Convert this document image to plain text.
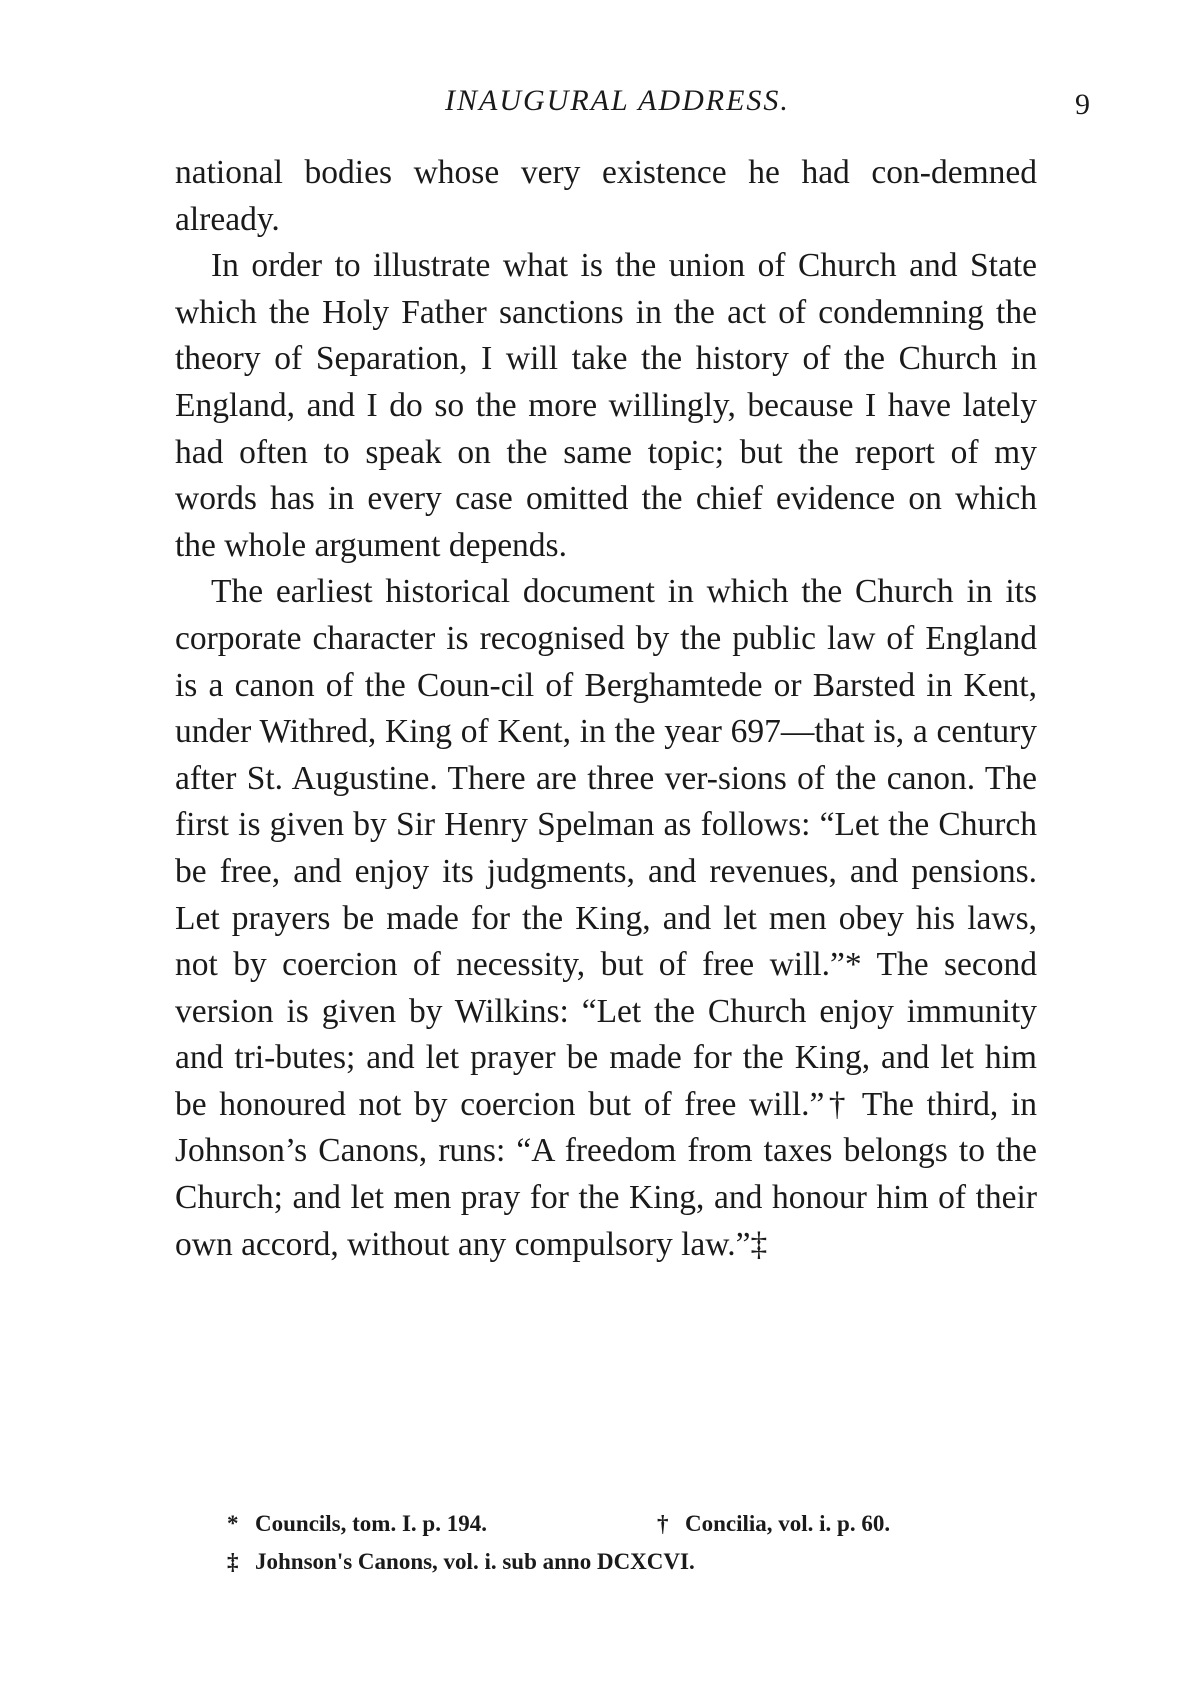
INAUGURAL ADDRESS.	9

national bodies whose very existence he had con-demned already.

In order to illustrate what is the union of Church and State which the Holy Father sanctions in the act of condemning the theory of Separation, I will take the history of the Church in England, and I do so the more willingly, because I have lately had often to speak on the same topic; but the report of my words has in every case omitted the chief evidence on which the whole argument depends.

The earliest historical document in which the Church in its corporate character is recognised by the public law of England is a canon of the Coun-cil of Berghamtede or Barsted in Kent, under Withred, King of Kent, in the year 697—that is, a century after St. Augustine. There are three ver-sions of the canon. The first is given by Sir Henry Spelman as follows: “Let the Church be free, and enjoy its judgments, and revenues, and pensions. Let prayers be made for the King, and let men obey his laws, not by coercion of necessity, but of free will.”* The second version is given by Wilkins: “Let the Church enjoy immunity and tri-butes; and let prayer be made for the King, and let him be honoured not by coercion but of free will.”† The third, in Johnson’s Canons, runs: “A freedom from taxes belongs to the Church; and let men pray for the King, and honour him of their own accord, without any compulsory law.”‡

* Councils, tom. I. p. 194.	† Concilia, vol. i. p. 60.
‡ Johnson's Canons, vol. i. sub anno DCXCVI.
